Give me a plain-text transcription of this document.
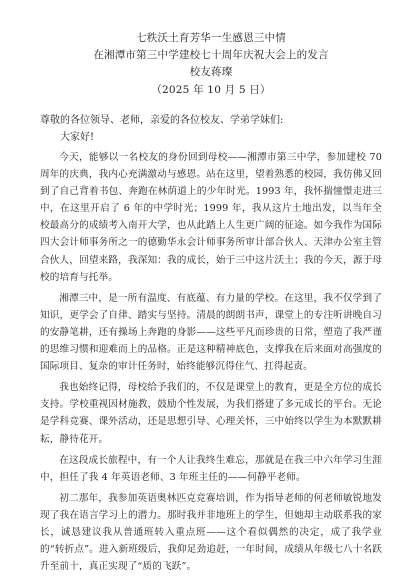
七秩沃土育芳华一生感恩三中情
在湘潭市第三中学建校七十周年庆祝大会上的发言
校友蒋璨
（2025 年 10 月 5 日）
尊敬的各位领导、老师，亲爱的各位校友、学弟学妹们:
大家好!

今天，能够以一名校友的身份回到母校——湘潭市第三中学，参加建校 70 周年的庆典，我内心充满激动与感恩。站在这里，望着熟悉的校园，我仿佛又回到了自己背着书包、奔跑在林荫道上的少年时光。1993 年，我怀揣憧憬走进三中，在这里开启了 6 年的中学时光；1999 年，我从这片土地出发，以当年全校最高分的成绩考入南开大学，也从此踏上人生更广阔的征途。如今我作为国际四大会计师事务所之一的德勤华永会计师事务所审计部合伙人、天津办公室主管合伙人，回望来路，我深知：我的成长，始于三中这片沃土；我的今天，源于母校的培育与托举。

湘潭三中，是一所有温度、有底蕴、有力量的学校。在这里，我不仅学到了知识，更学会了自律、踏实与坚持。清晨的朗朗书声，课堂上的专注听讲晚自习的安静笔耕，还有操场上奔跑的身影——这些平凡而珍贵的日常，塑造了我严谨的思维习惯和迎难而上的品格。正是这种精神底色，支撑我在后来面对高强度的国际项目、复杂的审计任务时，始终能够沉得住气、扛得起责。

我也始终记得，母校给予我们的，不仅是课堂上的教育，更是全方位的成长支持。学校重视因材施教，鼓励个性发展，为我们搭建了多元成长的平台。无论是学科竞赛、课外活动，还是思想引导、心理关怀，三中始终以学生为本默默耕耘，静待花开。

在这段成长旅程中，有一个人让我终生难忘，那就是在我三中六年学习生涯中，担任了我 4 年英语老师、3 年班主任的——何静平老师。

初二那年，我参加英语奥林匹克竞赛培训，作为指导老师的何老师敏锐地发现了我在语言学习上的潜力。那时我并非地班上的学生，但她却主动联系我的家长，诚恳建议我从普通班转入重点班——这个看似偶然的决定，成了我学业的“转折点”。进入新班级后，我仰足劲追赶，一年时间，成绩从年级七八十名跃升至前十，真正实现了“质的飞跃”。
